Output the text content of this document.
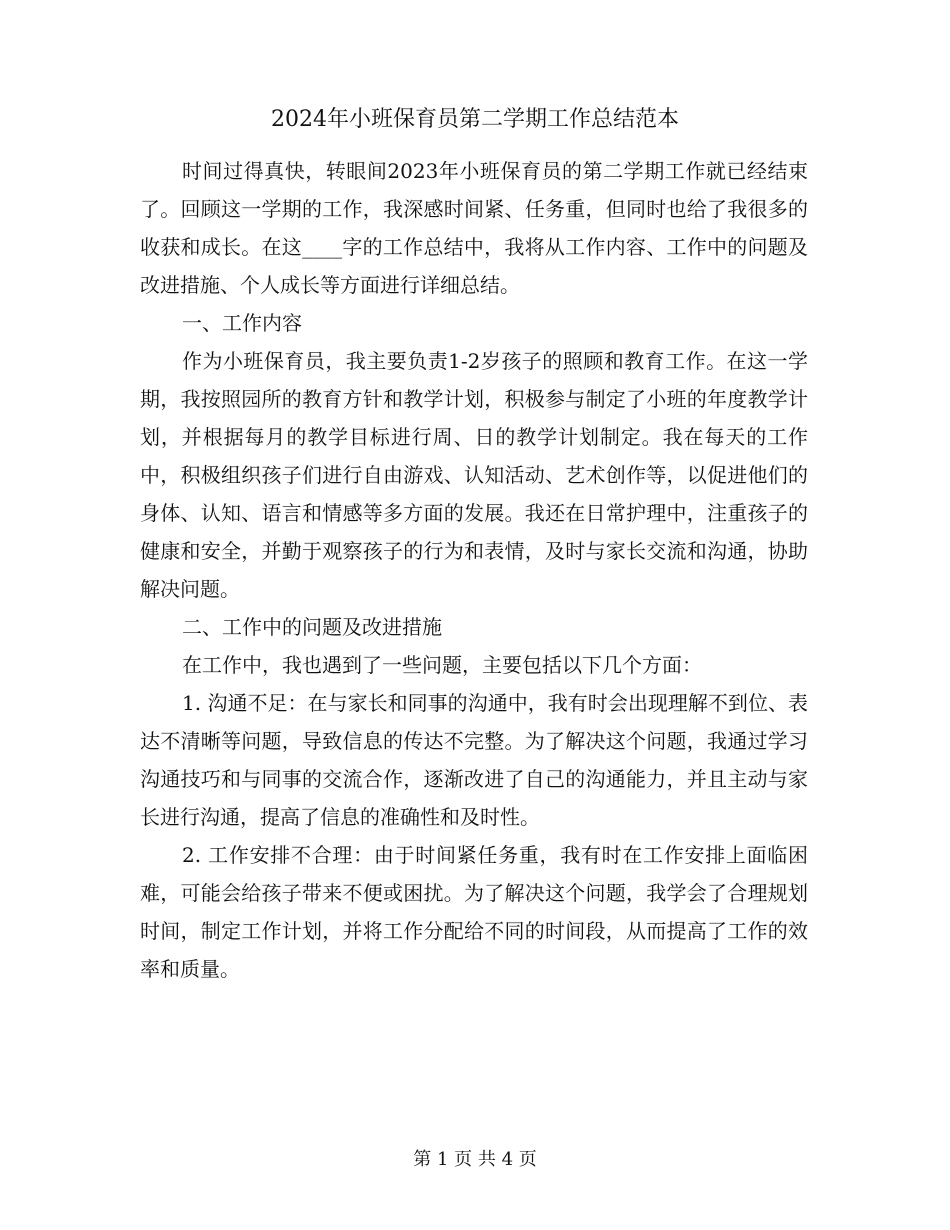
2024年小班保育员第二学期工作总结范本

时间过得真快，转眼间2023年小班保育员的第二学期工作就已经结束了。回顾这一学期的工作，我深感时间紧、任务重，但同时也给了我很多的收获和成长。在这____字的工作总结中，我将从工作内容、工作中的问题及改进措施、个人成长等方面进行详细总结。

一、工作内容

作为小班保育员，我主要负责1-2岁孩子的照顾和教育工作。在这一学期，我按照园所的教育方针和教学计划，积极参与制定了小班的年度教学计划，并根据每月的教学目标进行周、日的教学计划制定。我在每天的工作中，积极组织孩子们进行自由游戏、认知活动、艺术创作等，以促进他们的身体、认知、语言和情感等多方面的发展。我还在日常护理中，注重孩子的健康和安全，并勤于观察孩子的行为和表情，及时与家长交流和沟通，协助解决问题。

二、工作中的问题及改进措施

在工作中，我也遇到了一些问题，主要包括以下几个方面：

1. 沟通不足：在与家长和同事的沟通中，我有时会出现理解不到位、表达不清晰等问题，导致信息的传达不完整。为了解决这个问题，我通过学习沟通技巧和与同事的交流合作，逐渐改进了自己的沟通能力，并且主动与家长进行沟通，提高了信息的准确性和及时性。

2. 工作安排不合理：由于时间紧任务重，我有时在工作安排上面临困难，可能会给孩子带来不便或困扰。为了解决这个问题，我学会了合理规划时间，制定工作计划，并将工作分配给不同的时间段，从而提高了工作的效率和质量。

第 1 页 共 4 页
